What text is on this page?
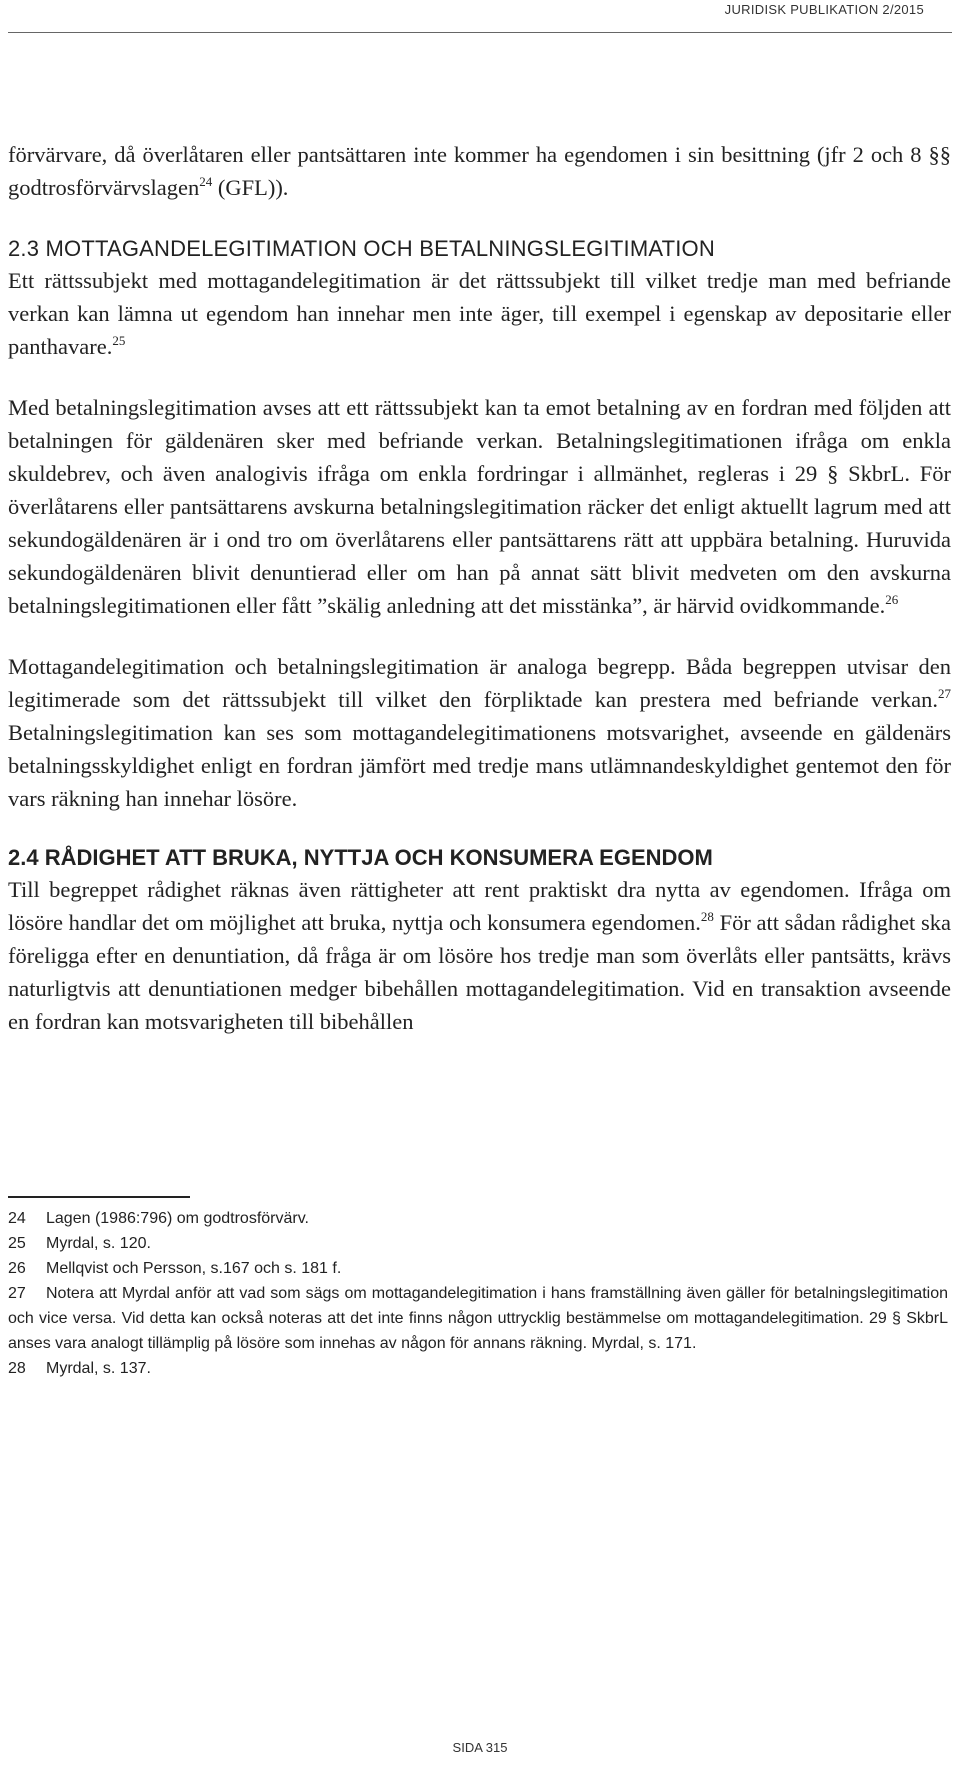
JURIDISK PUBLIKATION 2/2015

förvärvare, då överlåtaren eller pantsättaren inte kommer ha egendomen i sin besittning (jfr 2 och 8 §§ godtrosförvärvslagen$^{24}$ (GFL)).

2.3 MOTTAGANDELEGITIMATION OCH BETALNINGSLEGITIMATION

Ett rättssubjekt med mottagandelegitimation är det rättssubjekt till vilket tredje man med befriande verkan kan lämna ut egendom han innehar men inte äger, till exempel i egenskap av depositarie eller panthavare.$^{25}$

Med betalningslegitimation avses att ett rättssubjekt kan ta emot betalning av en fordran med följden att betalningen för gäldenären sker med befriande verkan. Betalningslegitimationen ifråga om enkla skuldebrev, och även analogivis ifråga om enkla fordringar i allmänhet, regleras i 29 § SkbrL. För överlåtarens eller pantsättarens avskurna betalningslegitimation räcker det enligt aktuellt lagrum med att sekundogäldenären är i ond tro om överlåtarens eller pantsättarens rätt att uppbära betalning. Huruvida sekundogäldenären blivit denuntierad eller om han på annat sätt blivit medveten om den avskurna betalningslegitimationen eller fått ”skälig anledning att det misstänka”, är härvid ovidkommande.$^{26}$

Mottagandelegitimation och betalningslegitimation är analoga begrepp. Båda begreppen utvisar den legitimerade som det rättssubjekt till vilket den förpliktade kan prestera med befriande verkan.$^{27}$ Betalningslegitimation kan ses som mottagandelegitimationens motsvarighet, avseende en gäldenärs betalningsskyldighet enligt en fordran jämfört med tredje mans utlämnandeskyldighet gentemot den för vars räkning han innehar lösöre.

2.4 RÅDIGHET ATT BRUKA, NYTTJA OCH KONSUMERA EGENDOM

Till begreppet rådighet räknas även rättigheter att rent praktiskt dra nytta av egendomen. Ifråga om lösöre handlar det om möjlighet att bruka, nyttja och konsumera egendomen.$^{28}$ För att sådan rådighet ska föreligga efter en denuntiation, då fråga är om lösöre hos tredje man som överlåts eller pantsätts, krävs naturligtvis att denuntiationen medger bibehållen mottagandelegitimation. Vid en transaktion avseende en fordran kan motsvarigheten till bibehållen

24 Lagen (1986:796) om godtrosförvärv.
25 Myrdal, s. 120.
26 Mellqvist och Persson, s.167 och s. 181 f.
27 Notera att Myrdal anför att vad som sägs om mottagandelegitimation i hans framställning även gäller för betalningslegitimation och vice versa. Vid detta kan också noteras att det inte finns någon uttrycklig bestämmelse om mottagandelegitimation. 29 § SkbrL anses vara analogt tillämplig på lösöre som innehas av någon för annans räkning. Myrdal, s. 171.
28 Myrdal, s. 137.
SIDA 315
